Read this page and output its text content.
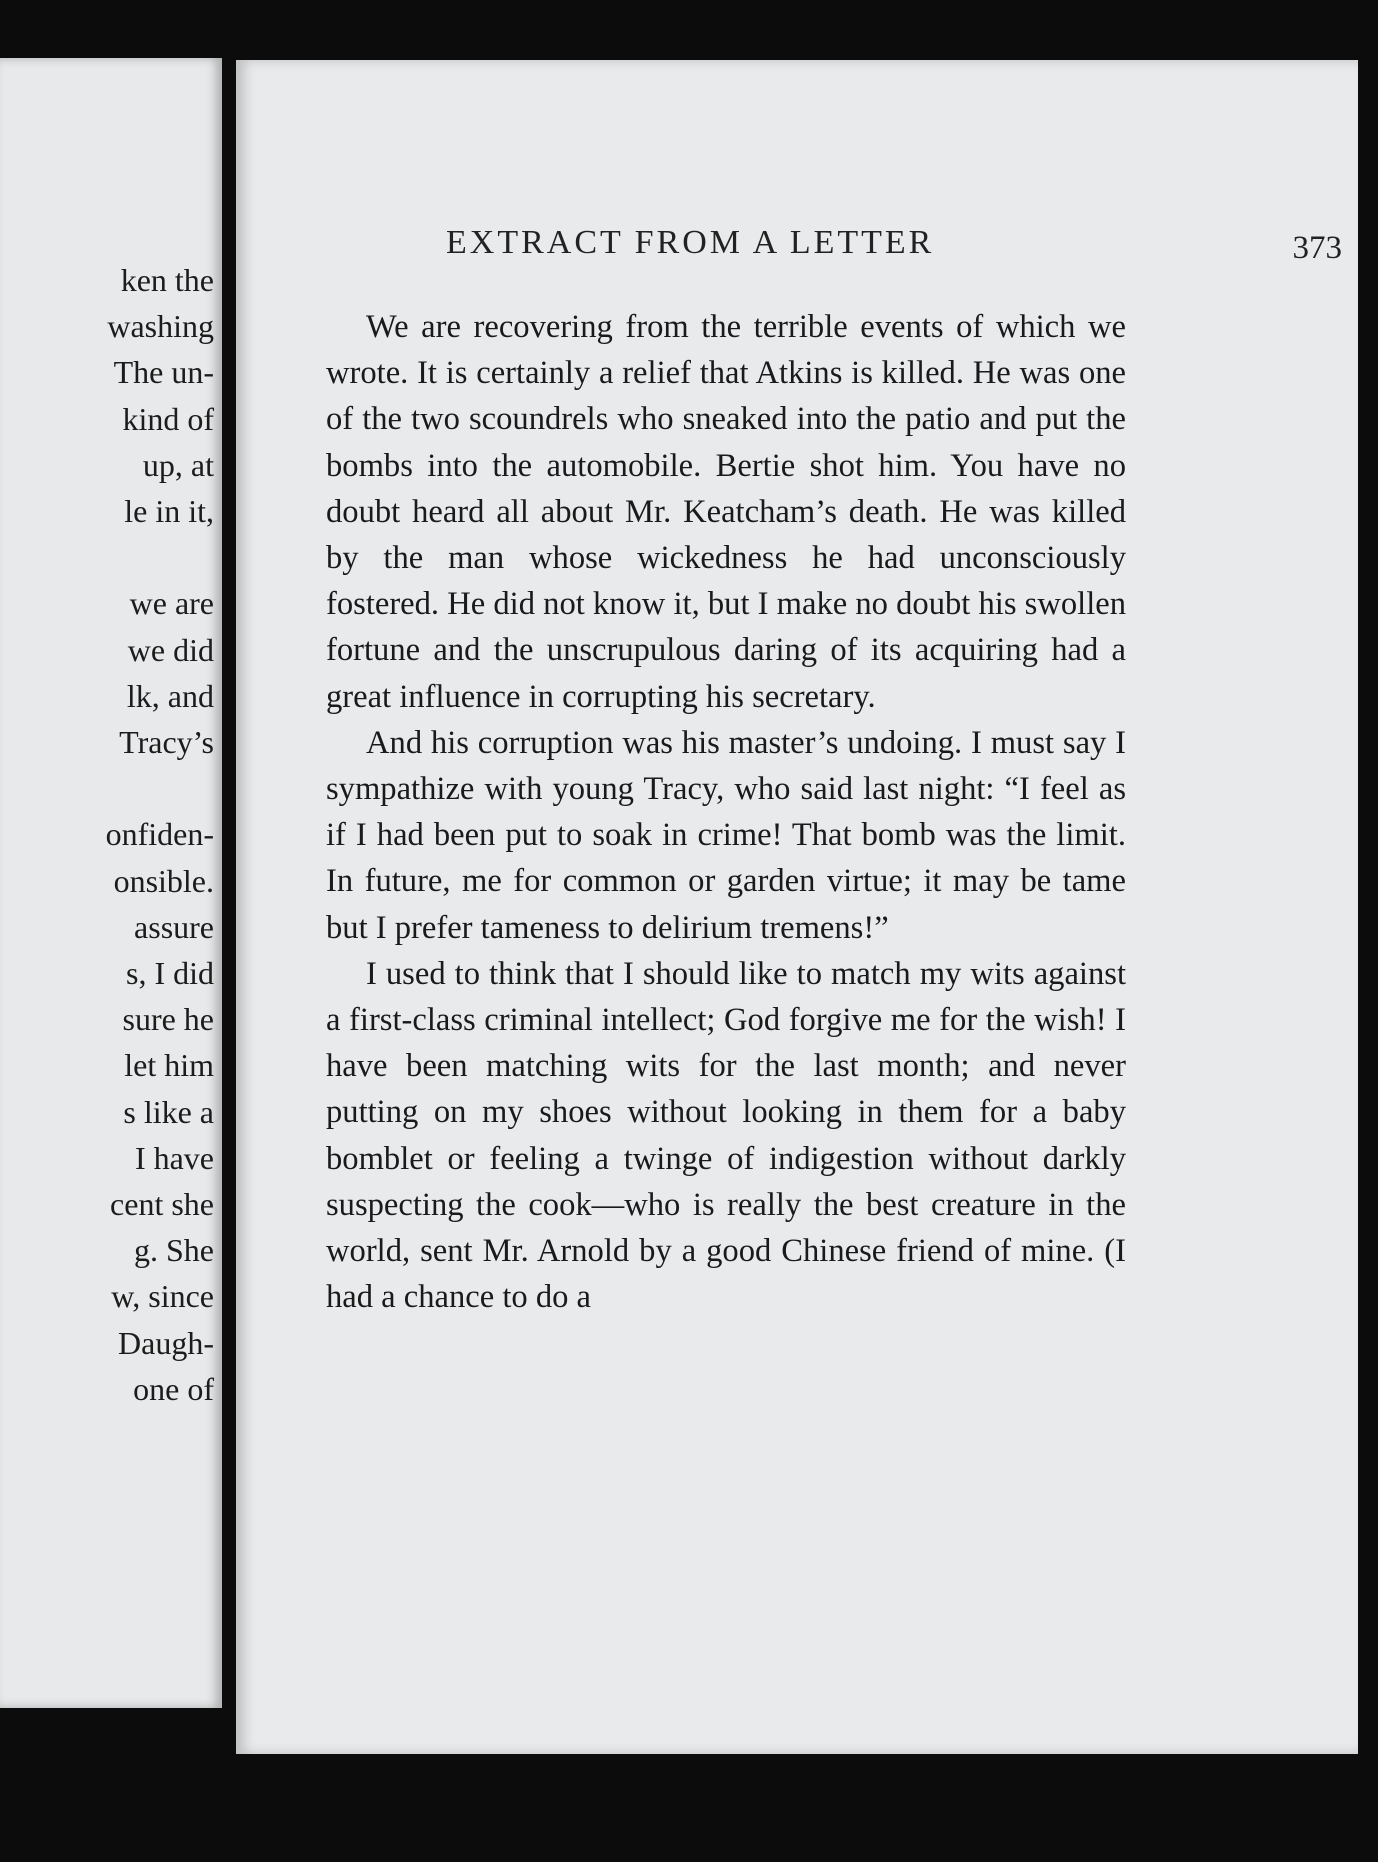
ken the
washing
The un-
kind of
up, at
le in it,
we are
we did
lk, and
Tracy’s
onfiden-
onsible.
assure
s, I did
sure he
let him
s like a
I have
cent she
g. She
w, since
Daugh-
one of
EXTRACT FROM A LETTER	373

We are recovering from the terrible events of which we wrote. It is certainly a relief that Atkins is killed. He was one of the two scoundrels who sneaked into the patio and put the bombs into the automobile. Bertie shot him. You have no doubt heard all about Mr. Keatcham’s death. He was killed by the man whose wickedness he had unconsciously fostered. He did not know it, but I make no doubt his swollen fortune and the unscrupulous daring of its acquiring had a great influence in corrupting his secretary.

And his corruption was his master’s undoing. I must say I sympathize with young Tracy, who said last night: “I feel as if I had been put to soak in crime! That bomb was the limit. In future, me for common or garden virtue; it may be tame but I prefer tameness to delirium tremens!”

I used to think that I should like to match my wits against a first-class criminal intellect; God forgive me for the wish! I have been matching wits for the last month; and never putting on my shoes without looking in them for a baby bomblet or feeling a twinge of indigestion without darkly suspecting the cook—who is really the best creature in the world, sent Mr. Arnold by a good Chinese friend of mine. (I had a chance to do a
